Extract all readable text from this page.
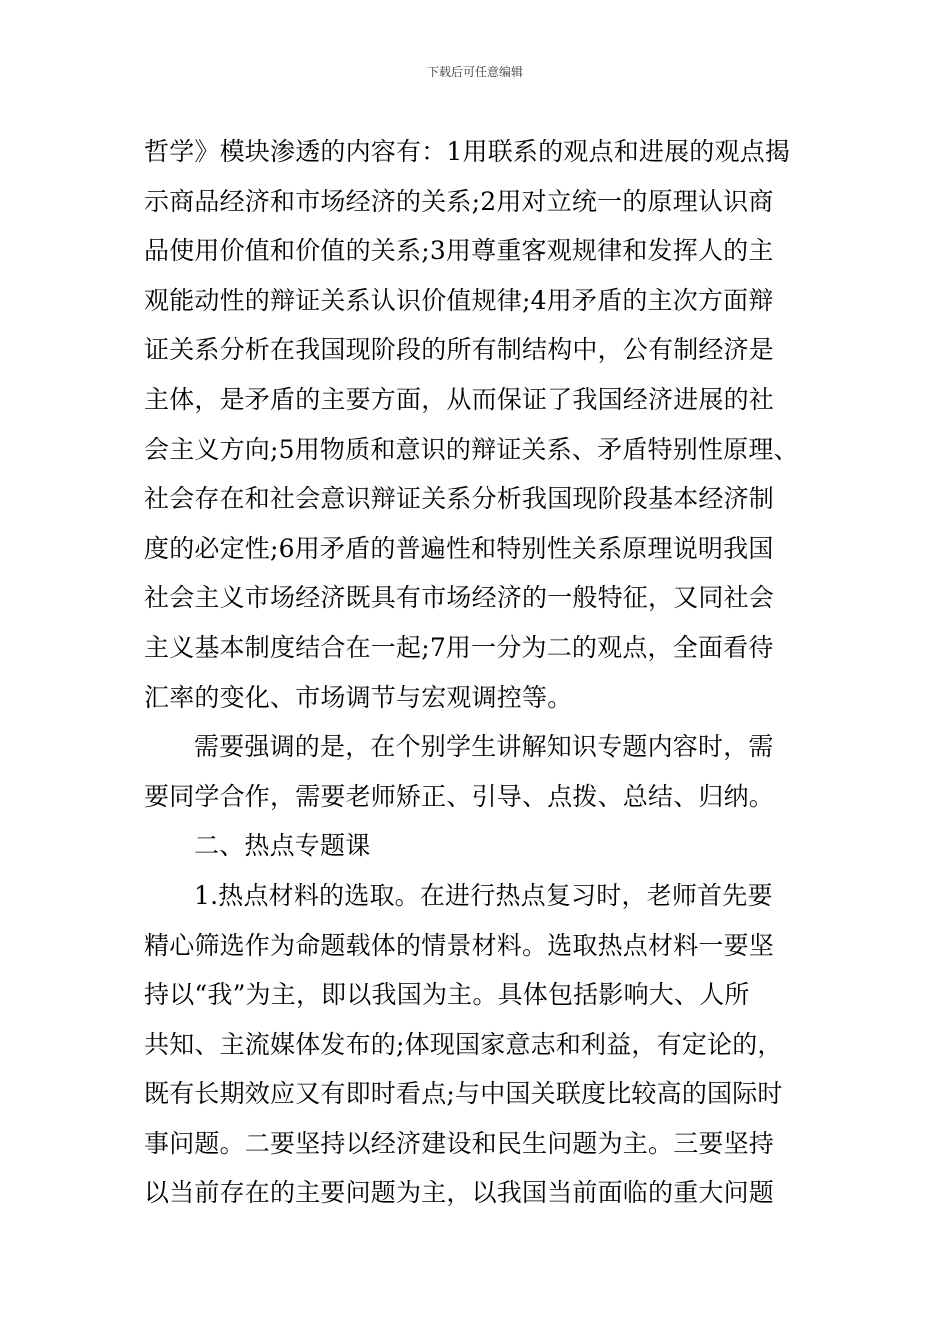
下载后可任意编辑
哲学》模块渗透的内容有：1用联系的观点和进展的观点揭
示商品经济和市场经济的关系;2用对立统一的原理认识商
品使用价值和价值的关系;3用尊重客观规律和发挥人的主
观能动性的辩证关系认识价值规律;4用矛盾的主次方面辩
证关系分析在我国现阶段的所有制结构中，公有制经济是
主体，是矛盾的主要方面，从而保证了我国经济进展的社
会主义方向;5用物质和意识的辩证关系、矛盾特别性原理、
社会存在和社会意识辩证关系分析我国现阶段基本经济制
度的必定性;6用矛盾的普遍性和特别性关系原理说明我国
社会主义市场经济既具有市场经济的一般特征，又同社会
主义基本制度结合在一起;7用一分为二的观点，全面看待
汇率的变化、市场调节与宏观调控等。
需要强调的是，在个别学生讲解知识专题内容时，需
要同学合作，需要老师矫正、引导、点拨、总结、归纳。
二、热点专题课
1.热点材料的选取。在进行热点复习时，老师首先要
精心筛选作为命题载体的情景材料。选取热点材料一要坚
持以“我”为主，即以我国为主。具体包括影响大、人所
共知、主流媒体发布的;体现国家意志和利益，有定论的，
既有长期效应又有即时看点;与中国关联度比较高的国际时
事问题。二要坚持以经济建设和民生问题为主。三要坚持
以当前存在的主要问题为主，以我国当前面临的重大问题
